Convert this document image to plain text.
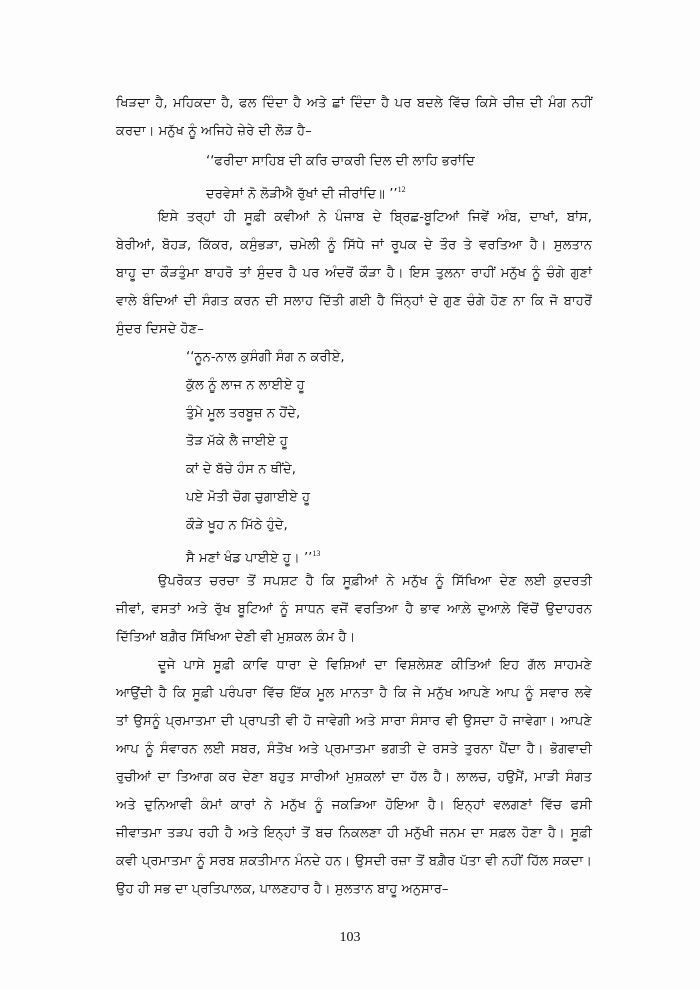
ਖਿੜਦਾ ਹੈ, ਮਹਿਕਦਾ ਹੈ, ਫਲ ਦਿੰਦਾ ਹੈ ਅਤੇ ਛਾਂ ਦਿੰਦਾ ਹੈ ਪਰ ਬਦਲੇ ਵਿੱਚ ਕਿਸੇ ਚੀਜ਼ ਦੀ ਮੰਗ ਨਹੀਂ
ਕਰਦਾ। ਮਨੁੱਖ ਨੂੰ ਅਜਿਹੇ ਜ਼ੇਰੇ ਦੀ ਲੋੜ ਹੈ–
‘‘ਫਰੀਦਾ ਸਾਹਿਬ ਦੀ ਕਰਿ ਚਾਕਰੀ ਦਿਲ ਦੀ ਲਾਹਿ ਭਰਾਂਦਿ
ਦਰਵੇਸਾਂ ਨੋ ਲੋੜੀਐ ਰੁੱਖਾਂ ਦੀ ਜੀਰਾਂਦਿ॥ ’’$^{12}$
ਇਸੇ ਤਰ੍ਹਾਂ ਹੀ ਸੂਫ਼ੀ ਕਵੀਆਂ ਨੇ ਪੰਜਾਬ ਦੇ ਬ੍ਰਿਛ-ਬੂਟਿਆਂ ਜਿਵੇਂ ਅੰਬ, ਦਾਖਾਂ, ਬਾਂਸ,
ਬੇਰੀਆਂ, ਬੋਹੜ, ਕਿੱਕਰ, ਕਸੁੰਭੜਾ, ਚਮੇਲੀ ਨੂੰ ਸਿੱਧੇ ਜਾਂ ਰੂਪਕ ਦੇ ਤੌਰ ਤੇ ਵਰਤਿਆ ਹੈ। ਸੁਲਤਾਨ
ਬਾਹੂ ਦਾ ਕੌੜਤੁੰਮਾ ਬਾਹਰੋ ਤਾਂ ਸੁੰਦਰ ਹੈ ਪਰ ਅੰਦਰੋਂ ਕੌੜਾ ਹੈ। ਇਸ ਤੁਲਨਾ ਰਾਹੀਂ ਮਨੁੱਖ ਨੂੰ ਚੰਗੇ ਗੁਣਾਂ
ਵਾਲੇ ਬੰਦਿਆਂ ਦੀ ਸੰਗਤ ਕਰਨ ਦੀ ਸਲਾਹ ਦਿੱਤੀ ਗਈ ਹੈ ਜਿੰਨ੍ਹਾਂ ਦੇ ਗੁਣ ਚੰਗੇ ਹੋਣ ਨਾ ਕਿ ਜੋ ਬਾਹਰੋਂ
ਸੁੰਦਰ ਦਿਸਦੇ ਹੋਣ–
‘‘ਨੂਨ-ਨਾਲ ਕੁਸੰਗੀ ਸੰਗ ਨ ਕਰੀਏ,
ਕੁੱਲ ਨੂੰ ਲਾਜ ਨ ਲਾਈਏ ਹੂ
ਤੁੰਮੇ ਮੂਲ ਤਰਬੂਜ਼ ਨ ਹੋਂਦੇ,
ਤੋੜ ਮੱਕੇ ਲੈ ਜਾਈਏ ਹੂ
ਕਾਂ ਦੇ ਬੱਚੇ ਹੰਸ ਨ ਥੀਂਦੇ,
ਪਏ ਮੋਤੀ ਚੋਗ ਚੁਗਾਈਏ ਹੂ
ਕੌੜੇ ਖੂਹ ਨ ਮਿੱਠੇ ਹੁੰਦੇ,
ਸੈ ਮਣਾਂ ਖੰਡ ਪਾਈਏ ਹੂ। ’’$^{13}$
ਉਪਰੋਕਤ ਚਰਚਾ ਤੋਂ ਸਪਸ਼ਟ ਹੈ ਕਿ ਸੂਫ਼ੀਆਂ ਨੇ ਮਨੁੱਖ ਨੂੰ ਸਿੱਖਿਆ ਦੇਣ ਲਈ ਕੁਦਰਤੀ
ਜੀਵਾਂ, ਵਸਤਾਂ ਅਤੇ ਰੁੱਖ ਬੂਟਿਆਂ ਨੂੰ ਸਾਧਨ ਵਜੋਂ ਵਰਤਿਆ ਹੈ ਭਾਵ ਆਲ਼ੇ ਦੁਆਲ਼ੇ ਵਿੱਚੋਂ ਉਦਾਹਰਨ
ਦਿੱਤਿਆਂ ਬਗ਼ੈਰ ਸਿੱਖਿਆ ਦੇਣੀ ਵੀ ਮੁਸ਼ਕਲ ਕੰਮ ਹੈ।
ਦੂਜੇ ਪਾਸੇ ਸੂਫ਼ੀ ਕਾਵਿ ਧਾਰਾ ਦੇ ਵਿਸ਼ਿਆਂ ਦਾ ਵਿਸ਼ਲੇਸ਼ਣ ਕੀਤਿਆਂ ਇਹ ਗੱਲ ਸਾਹਮਣੇ
ਆਉਂਦੀ ਹੈ ਕਿ ਸੂਫ਼ੀ ਪਰੰਪਰਾ ਵਿੱਚ ਇੱਕ ਮੂਲ ਮਾਨਤਾ ਹੈ ਕਿ ਜੇ ਮਨੁੱਖ ਆਪਣੇ ਆਪ ਨੂੰ ਸਵਾਰ ਲਵੇ
ਤਾਂ ਉਸਨੂੰ ਪ੍ਰਮਾਤਮਾ ਦੀ ਪ੍ਰਾਪਤੀ ਵੀ ਹੋ ਜਾਵੇਗੀ ਅਤੇ ਸਾਰਾ ਸੰਸਾਰ ਵੀ ਉਸਦਾ ਹੋ ਜਾਵੇਗਾ। ਆਪਣੇ
ਆਪ ਨੂੰ ਸੰਵਾਰਨ ਲਈ ਸਬਰ, ਸੰਤੋਖ ਅਤੇ ਪ੍ਰਮਾਤਮਾ ਭਗਤੀ ਦੇ ਰਸਤੇ ਤੁਰਨਾ ਪੈਂਦਾ ਹੈ। ਭੋਗਵਾਦੀ
ਰੁਚੀਆਂ ਦਾ ਤਿਆਗ ਕਰ ਦੇਣਾ ਬਹੁਤ ਸਾਰੀਆਂ ਮੁਸ਼ਕਲਾਂ ਦਾ ਹੱਲ ਹੈ। ਲਾਲਚ, ਹਉਮੈਂ, ਮਾੜੀ ਸੰਗਤ
ਅਤੇ ਦੁਨਿਆਵੀ ਕੰਮਾਂ ਕਾਰਾਂ ਨੇ ਮਨੁੱਖ ਨੂੰ ਜਕੜਿਆ ਹੋਇਆ ਹੈ। ਇਨ੍ਹਾਂ ਵਲਗਣਾਂ ਵਿੱਚ ਫਸੀ
ਜੀਵਾਤਮਾ ਤੜਪ ਰਹੀ ਹੈ ਅਤੇ ਇਨ੍ਹਾਂ ਤੋਂ ਬਚ ਨਿਕਲਣਾ ਹੀ ਮਨੁੱਖੀ ਜਨਮ ਦਾ ਸਫ਼ਲ ਹੋਣਾ ਹੈ। ਸੂਫ਼ੀ
ਕਵੀ ਪ੍ਰਮਾਤਮਾ ਨੂੰ ਸਰਬ ਸ਼ਕਤੀਮਾਨ ਮੰਨਦੇ ਹਨ। ਉਸਦੀ ਰਜ਼ਾ ਤੋਂ ਬਗ਼ੈਰ ਪੱਤਾ ਵੀ ਨਹੀਂ ਹਿੱਲ ਸਕਦਾ।
ਉਹ ਹੀ ਸਭ ਦਾ ਪ੍ਰਤਿਪਾਲਕ, ਪਾਲਣਹਾਰ ਹੈ। ਸੁਲਤਾਨ ਬਾਹੂ ਅਨੁਸਾਰ–
103
